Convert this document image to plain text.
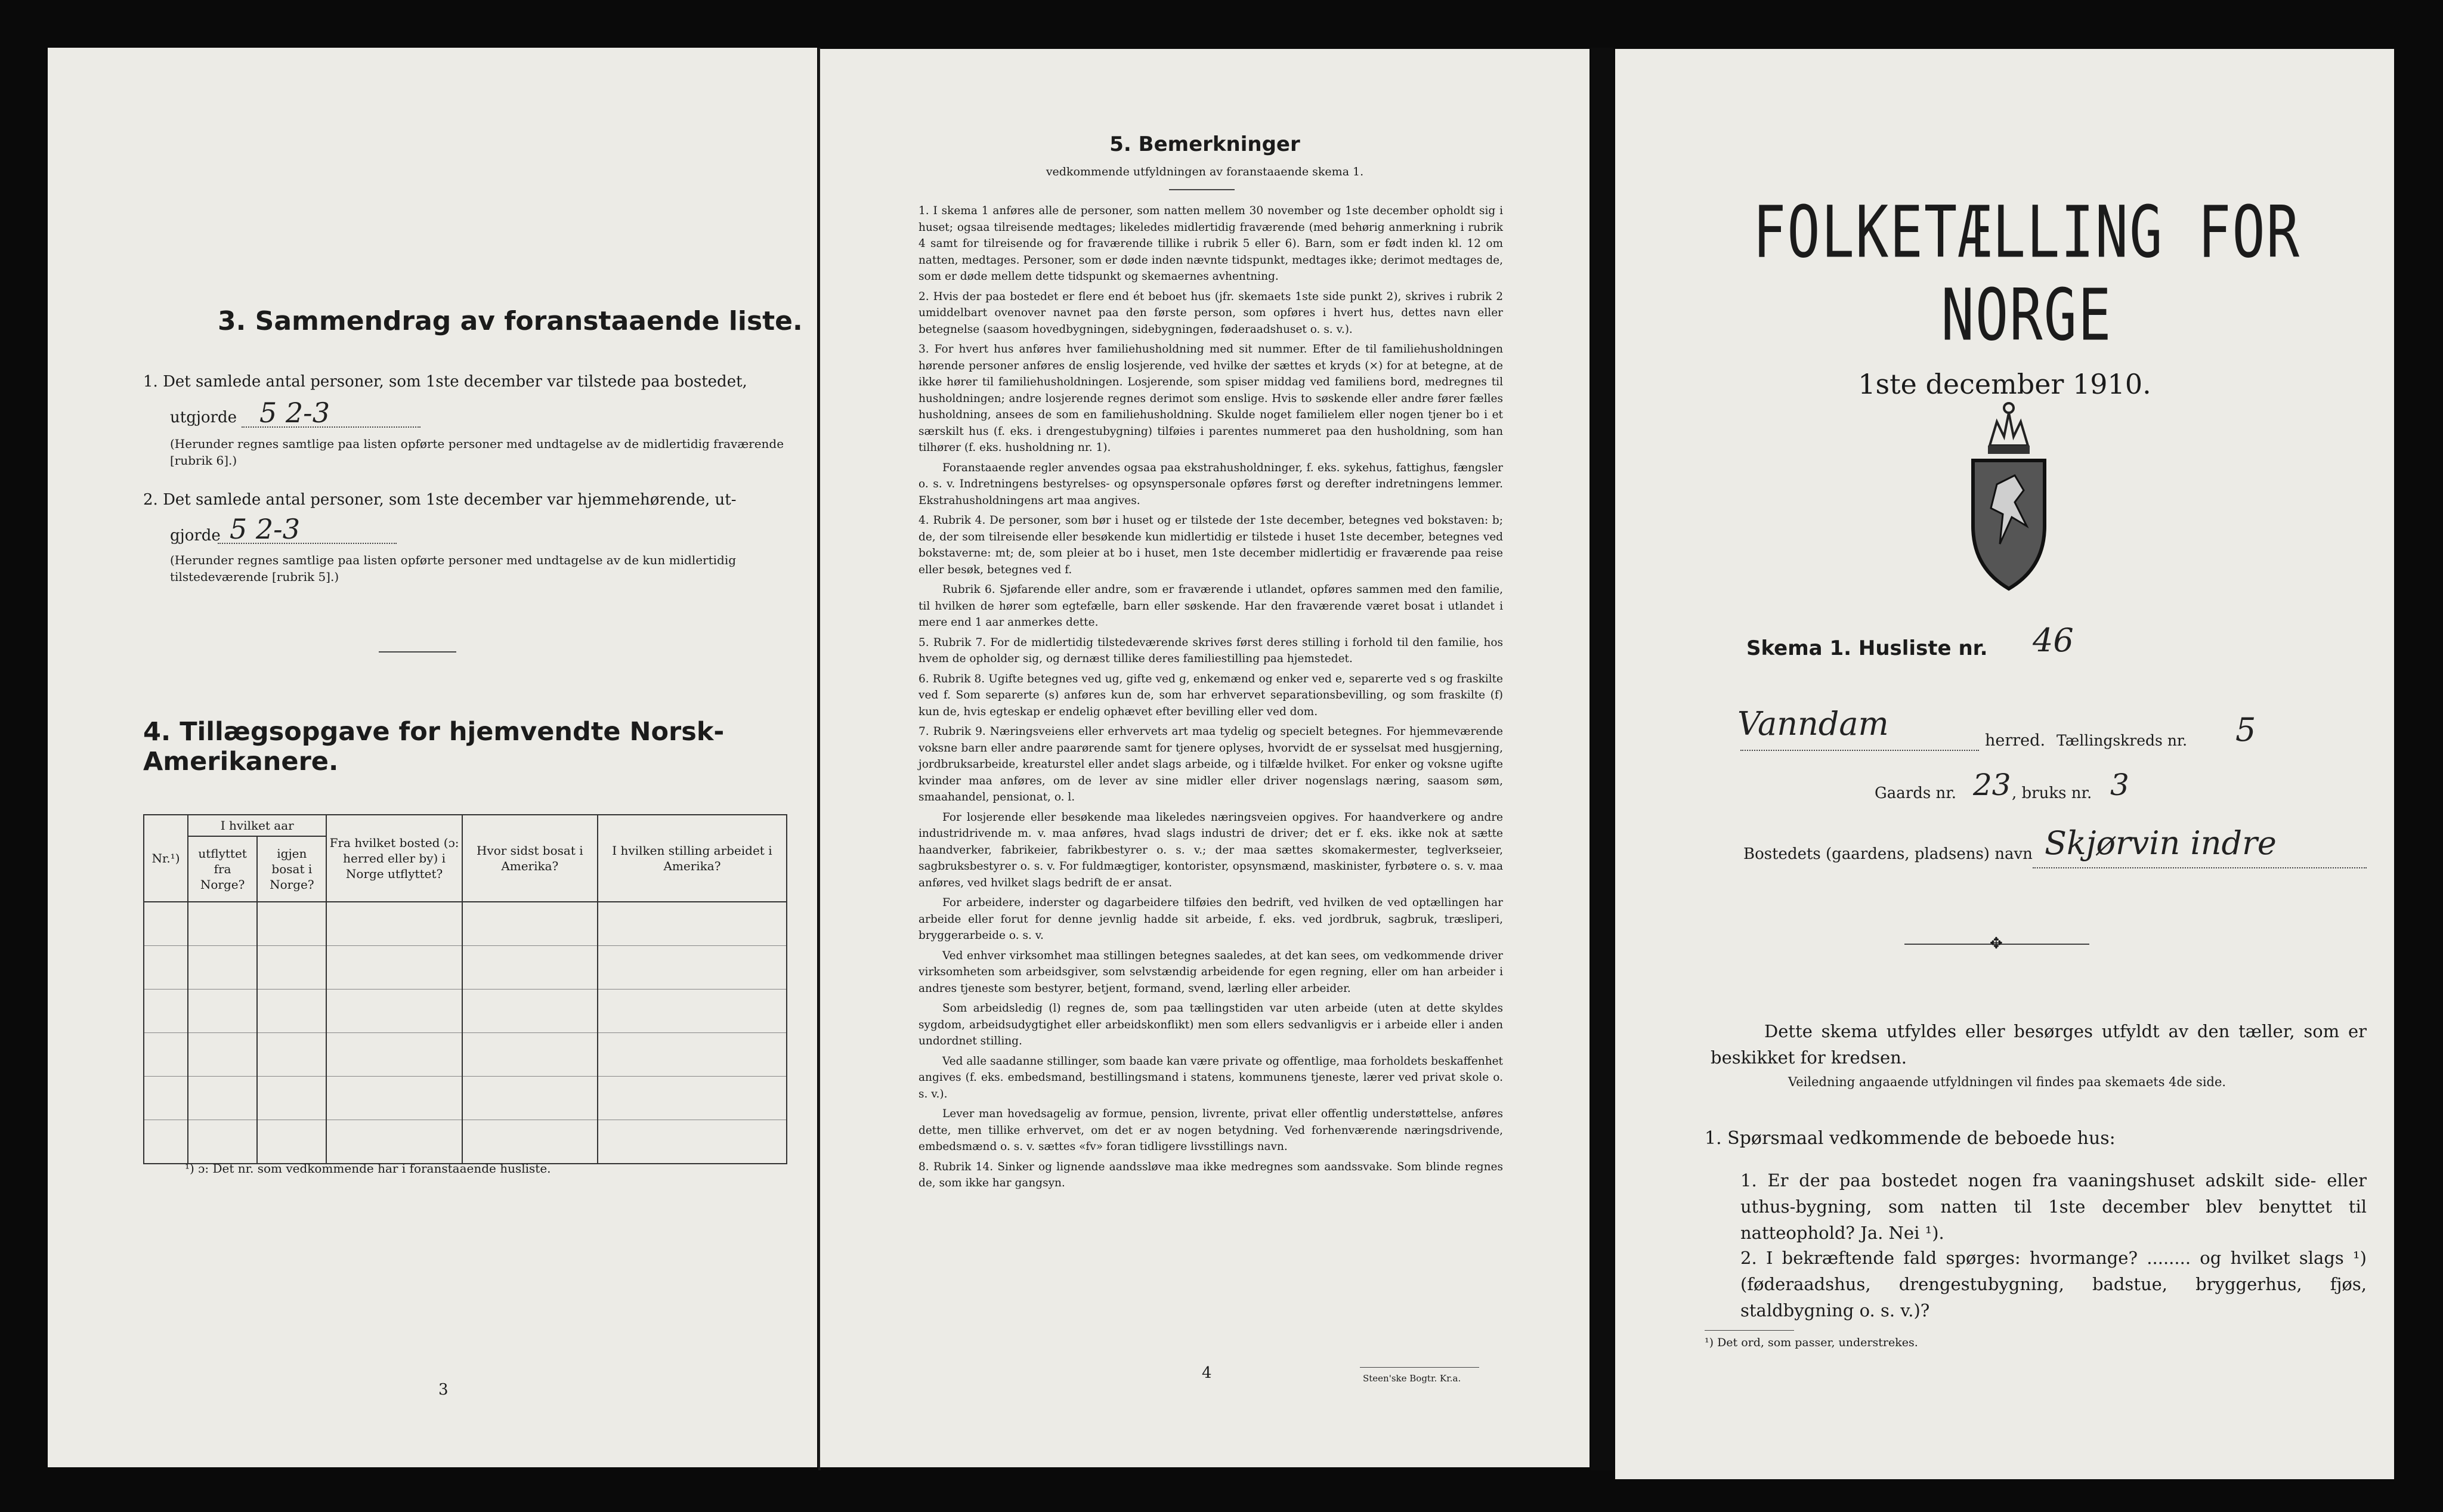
3. Sammendrag av foranstaaende liste.
1. Det samlede antal personer, som 1ste december var tilstede paa bostedet,
utgjorde 5 2-3
(Herunder regnes samtlige paa listen opførte personer med undtagelse av de midlertidig fraværende [rubrik 6].)
2. Det samlede antal personer, som 1ste december var hjemmehørende, ut-
gjorde 5 2-3
(Herunder regnes samtlige paa listen opførte personer med undtagelse av de kun midlertidig tilstedeværende [rubrik 5].)
4. Tillægsopgave for hjemvendte Norsk-Amerikanere.
Nr.¹)	I hvilket aar		Fra hvilket bosted (ɔ: herred eller by) i Norge utflyttet?	Hvor sidst bosat i Amerika?	I hvilken stilling arbeidet i Amerika?
	utflyttet fra Norge?	igjen bosat i Norge?			

¹) ɔ: Det nr. som vedkommende har i foranstaaende husliste.
3
5. Bemerkninger
vedkommende utfyldningen av foranstaaende skema 1.

1. I skema 1 anføres alle de personer, som natten mellem 30 november og 1ste december opholdt sig i huset; ogsaa tilreisende medtages; likeledes midlertidig fraværende (med behørig anmerkning i rubrik 4 samt for tilreisende og for fraværende tillike i rubrik 5 eller 6). Barn, som er født inden kl. 12 om natten, medtages. Personer, som er døde inden nævnte tidspunkt, medtages ikke; derimot medtages de, som er døde mellem dette tidspunkt og skemaernes avhentning.

2. Hvis der paa bostedet er flere end ét beboet hus (jfr. skemaets 1ste side punkt 2), skrives i rubrik 2 umiddelbart ovenover navnet paa den første person, som opføres i hvert hus, dettes navn eller betegnelse (saasom hovedbygningen, sidebygningen, føderaadshuset o. s. v.).

3. For hvert hus anføres hver familiehusholdning med sit nummer. Efter de til familiehusholdningen hørende personer anføres de enslig losjerende, ved hvilke der sættes et kryds (×) for at betegne, at de ikke hører til familiehusholdningen. Losjerende, som spiser middag ved familiens bord, medregnes til husholdningen; andre losjerende regnes derimot som enslige. Hvis to søskende eller andre fører fælles husholdning, ansees de som en familiehusholdning. Skulde noget familielem eller nogen tjener bo i et særskilt hus (f. eks. i drengestubygning) tilføies i parentes nummeret paa den husholdning, som han tilhører (f. eks. husholdning nr. 1).

Foranstaaende regler anvendes ogsaa paa ekstrahusholdninger, f. eks. sykehus, fattighus, fængsler o. s. v. Indretningens bestyrelses- og opsynspersonale opføres først og derefter indretningens lemmer. Ekstrahusholdningens art maa angives.

4. Rubrik 4. De personer, som bør i huset og er tilstede der 1ste december, betegnes ved bokstaven: b; de, der som tilreisende eller besøkende kun midlertidig er tilstede i huset 1ste december, betegnes ved bokstaverne: mt; de, som pleier at bo i huset, men 1ste december midlertidig er fraværende paa reise eller besøk, betegnes ved f.

Rubrik 6. Sjøfarende eller andre, som er fraværende i utlandet, opføres sammen med den familie, til hvilken de hører som egtefælle, barn eller søskende. Har den fraværende været bosat i utlandet i mere end 1 aar anmerkes dette.

5. Rubrik 7. For de midlertidig tilstedeværende skrives først deres stilling i forhold til den familie, hos hvem de opholder sig, og dernæst tillike deres familiestilling paa hjemstedet.

6. Rubrik 8. Ugifte betegnes ved ug, gifte ved g, enkemænd og enker ved e, separerte ved s og fraskilte ved f. Som separerte (s) anføres kun de, som har erhvervet separationsbevilling, og som fraskilte (f) kun de, hvis egteskap er endelig ophævet efter bevilling eller ved dom.

7. Rubrik 9. Næringsveiens eller erhvervets art maa tydelig og specielt betegnes. For hjemmeværende voksne barn eller andre paarørende samt for tjenere oplyses, hvorvidt de er sysselsat med husgjerning, jordbruksarbeide, kreaturstel eller andet slags arbeide, og i tilfælde hvilket. For enker og voksne ugifte kvinder maa anføres, om de lever av sine midler eller driver nogenslags næring, saasom søm, smaahandel, pensionat, o. l.

For losjerende eller besøkende maa likeledes næringsveien opgives. For haandverkere og andre industridrivende m. v. maa anføres, hvad slags industri de driver; det er f. eks. ikke nok at sætte haandverker, fabrikeier, fabrikbestyrer o. s. v.; der maa sættes skomakermester, teglverkseier, sagbruksbestyrer o. s. v. For fuldmægtiger, kontorister, opsynsmænd, maskinister, fyrbøtere o. s. v. maa anføres, ved hvilket slags bedrift de er ansat.

For arbeidere, inderster og dagarbeidere tilføies den bedrift, ved hvilken de ved optællingen har arbeide eller forut for denne jevnlig hadde sit arbeide, f. eks. ved jordbruk, sagbruk, træsliperi, bryggerarbeide o. s. v.

Ved enhver virksomhet maa stillingen betegnes saaledes, at det kan sees, om vedkommende driver virksomheten som arbeidsgiver, som selvstændig arbeidende for egen regning, eller om han arbeider i andres tjeneste som bestyrer, betjent, formand, svend, lærling eller arbeider.

Som arbeidsledig (l) regnes de, som paa tællingstiden var uten arbeide (uten at dette skyldes sygdom, arbeidsudygtighet eller arbeidskonflikt) men som ellers sedvanligvis er i arbeide eller i anden undordnet stilling.

Ved alle saadanne stillinger, som baade kan være private og offentlige, maa forholdets beskaffenhet angives (f. eks. embedsmand, bestillingsmand i statens, kommunens tjeneste, lærer ved privat skole o. s. v.).

Lever man hovedsagelig av formue, pension, livrente, privat eller offentlig understøttelse, anføres dette, men tillike erhvervet, om det er av nogen betydning. Ved forhenværende næringsdrivende, embedsmænd o. s. v. sættes «fv» foran tidligere livsstillings navn.

8. Rubrik 14. Sinker og lignende aandssløve maa ikke medregnes som aandssvake. Som blinde regnes de, som ikke har gangsyn.

4	Steen'ske Bogtr. Kr.a.
FOLKETÆLLING FOR NORGE
1ste december 1910.
Skema 1. Husliste nr. 46
Vanndam	herred. Tællingskreds nr. 5
Gaards nr. 23 , bruks nr. 3
Bostedets (gaardens, pladsens) navn Skjørvin indre
✥
Dette skema utfyldes eller besørges utfyldt av den tæller, som er beskikket for kredsen.
Veiledning angaaende utfyldningen vil findes paa skemaets 4de side.
1. Spørsmaal vedkommende de beboede hus:
1. Er der paa bostedet nogen fra vaaningshuset adskilt side- eller uthus-bygning, som natten til 1ste december blev benyttet til natteophold? Ja. Nei ¹).
2. I bekræftende fald spørges: hvormange? ........ og hvilket slags ¹) (føderaadshus, drengestubygning, badstue, bryggerhus, fjøs, staldbygning o. s. v.)?
¹) Det ord, som passer, understrekes.
